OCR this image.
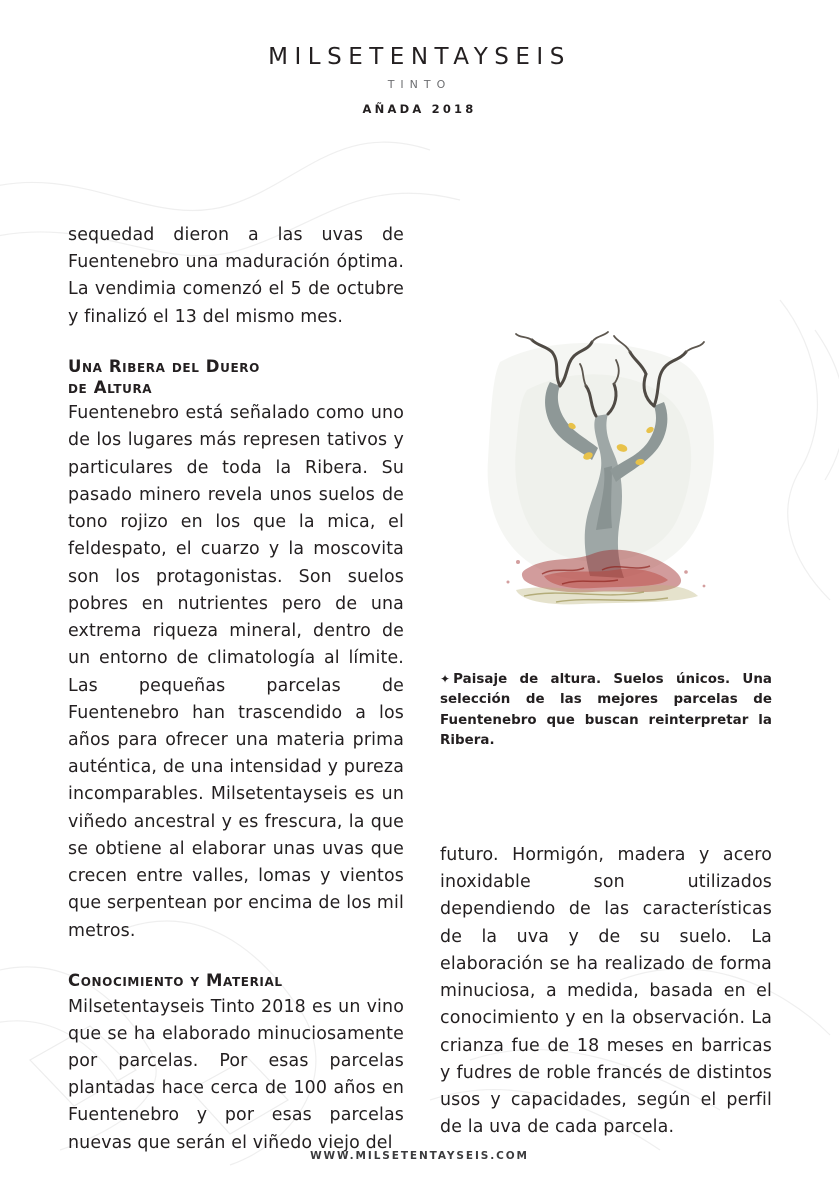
MILSETENTAYSEIS
TINTO
AÑADA 2018
sequedad dieron a las uvas de Fuentenebro una maduración óptima. La vendimia comenzó el 5 de octubre y finalizó el 13 del mismo mes.
Una Ribera del Duero
de Altura
Fuentenebro está señalado como uno de los lugares más represen tativos y particulares de toda la Ribera. Su pasado minero revela unos suelos de tono rojizo en los que la mica, el feldespato, el cuarzo y la moscovita son los protagonistas. Son suelos pobres en nutrientes pero de una extrema riqueza mineral, dentro de un entorno de climatología al límite. Las pequeñas parcelas de Fuentenebro han trascendido a los años para ofrecer una materia prima auténtica, de una intensidad y pureza incomparables. Milsetentayseis es un viñedo ancestral y es frescura, la que se obtiene al elaborar unas uvas que crecen entre valles, lomas y vientos que serpentean por encima de los mil metros.
Conocimiento y Material
Milsetentayseis Tinto 2018 es un vino que se ha elaborado minuciosamente por parcelas. Por esas parcelas plantadas hace cerca de 100 años en Fuentenebro y por esas parcelas nuevas que serán el viñedo viejo del
✦ Paisaje de altura. Suelos únicos. Una selección de las mejores parcelas de Fuentenebro que buscan reinterpretar la Ribera.
futuro. Hormigón, madera y acero inoxidable son utilizados dependiendo de las características de la uva y de su suelo. La elaboración se ha realizado de forma minuciosa, a medida, basada en el conocimiento y en la observación. La crianza fue de 18 meses en barricas y fudres de roble francés de distintos usos y capacidades, según el perfil de la uva de cada parcela.
WWW.MILSETENTAYSEIS.COM
